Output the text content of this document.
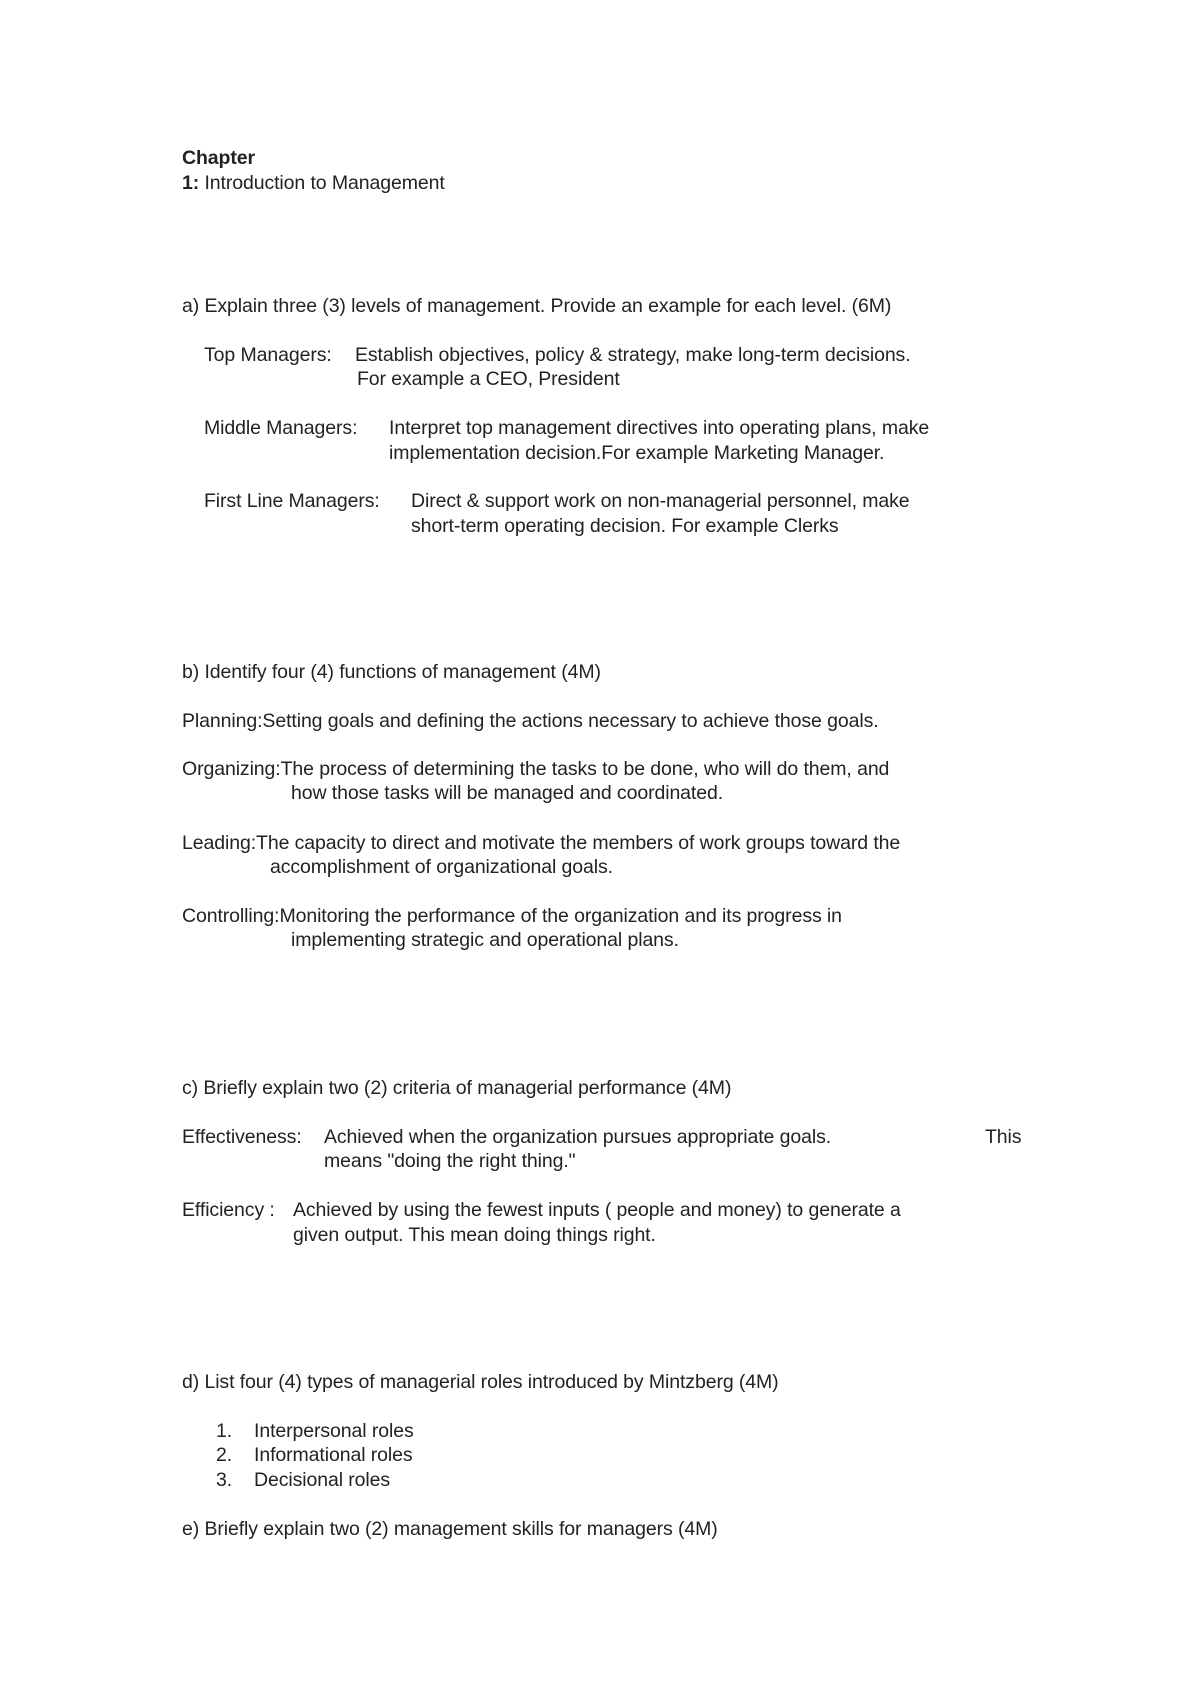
Chapter
1: Introduction to Management
a) Explain three (3) levels of management. Provide an example for each level. (6M)
Top Managers: Establish objectives, policy & strategy, make long-term decisions.
For example a CEO, President
Middle Managers: Interpret top management directives into operating plans, make
implementation decision.For example Marketing Manager.
First Line Managers: Direct & support work on non-managerial personnel, make
short-term operating decision. For example Clerks
b) Identify four (4) functions of management (4M)
Planning:Setting goals and defining the actions necessary to achieve those goals.
Organizing:The process of determining the tasks to be done, who will do them, and
how those tasks will be managed and coordinated.
Leading:The capacity to direct and motivate the members of work groups toward the
accomplishment of organizational goals.
Controlling:Monitoring the performance of the organization and its progress in
implementing strategic and operational plans.
c) Briefly explain two (2) criteria of managerial performance (4M)
Effectiveness: Achieved when the organization pursues appropriate goals.	This
means "doing the right thing."
Efficiency : Achieved by using the fewest inputs ( people and money) to generate a
given output. This mean doing things right.
d) List four (4) types of managerial roles introduced by Mintzberg (4M)
1. Interpersonal roles
2. Informational roles
3. Decisional roles
e) Briefly explain two (2) management skills for managers (4M)
